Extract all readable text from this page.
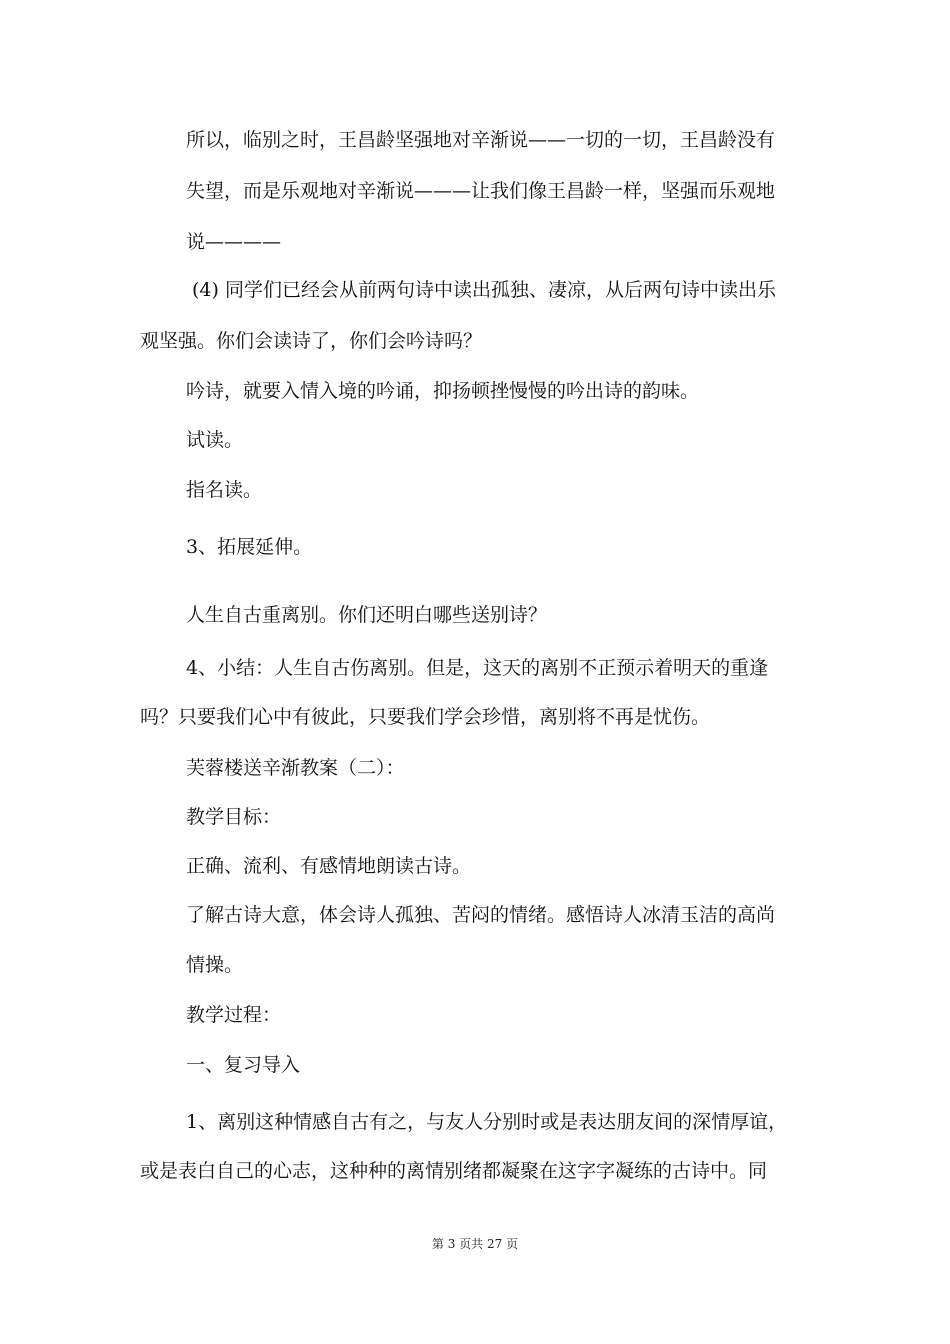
所以，临别之时，王昌龄坚强地对辛渐说——一切的一切，王昌龄没有
失望，而是乐观地对辛渐说———让我们像王昌龄一样，坚强而乐观地
说————
(4) 同学们已经会从前两句诗中读出孤独、凄凉，从后两句诗中读出乐
观坚强。你们会读诗了，你们会吟诗吗？
吟诗，就要入情入境的吟诵，抑扬顿挫慢慢的吟出诗的韵味。
试读。
指名读。
3、拓展延伸。
人生自古重离别。你们还明白哪些送别诗？
4、小结：人生自古伤离别。但是，这天的离别不正预示着明天的重逢
吗？只要我们心中有彼此，只要我们学会珍惜，离别将不再是忧伤。
芙蓉楼送辛渐教案（二）：
教学目标：
正确、流利、有感情地朗读古诗。
了解古诗大意，体会诗人孤独、苦闷的情绪。感悟诗人冰清玉洁的高尚
情操。
教学过程：
一、复习导入
1、离别这种情感自古有之，与友人分别时或是表达朋友间的深情厚谊，
或是表白自己的心志，这种种的离情别绪都凝聚在这字字凝练的古诗中。同
第 3 页共 27 页
